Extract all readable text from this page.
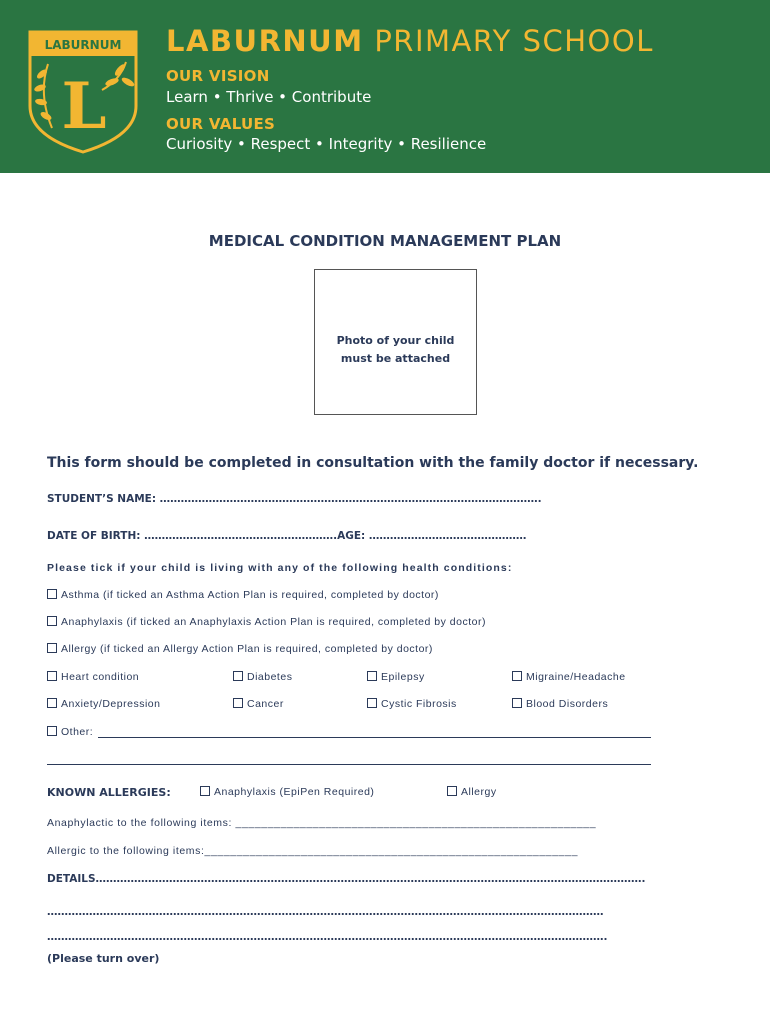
LABURNUM
L
LABURNUM PRIMARY SCHOOL
OUR VISION
Learn • Thrive • Contribute
OUR VALUES
Curiosity • Respect • Integrity • Resilience
MEDICAL CONDITION MANAGEMENT PLAN
Photo of your child
must be attached
This form should be completed in consultation with the family doctor if necessary.
STUDENT’S NAME: ……………………………………………………………………………………………….
DATE OF BIRTH: ……………………………………………….AGE: ………………………………………
Please tick if your child is living with any of the following health conditions:
Asthma (if ticked an Asthma Action Plan is required, completed by doctor)
Anaphylaxis (if ticked an Anaphylaxis Action Plan is required, completed by doctor)
Allergy (if ticked an Allergy Action Plan is required, completed by doctor)
Heart condition	Diabetes	Epilepsy	Migraine/Headache
Anxiety/Depression	Cancer	Cystic Fibrosis	Blood Disorders
Other:
KNOWN ALLERGIES:	Anaphylaxis (EpiPen Required)	Allergy
Anaphylactic to the following items: ________________________________________________________
Allergic to the following items:__________________________________________________________
DETAILS………………………………………………………………………………………………………………………………………….
……………………………………………………………………………………………………………………………………………
…………………………………………………………………………………………………………………………………………….
(Please turn over)
